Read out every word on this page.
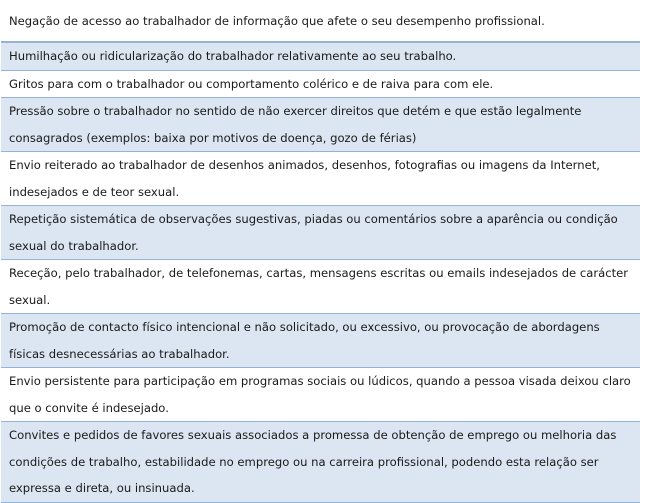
Negação de acesso ao trabalhador de informação que afete o seu desempenho profissional.
Humilhação ou ridicularização do trabalhador relativamente ao seu trabalho.
Gritos para com o trabalhador ou comportamento colérico e de raiva para com ele.
Pressão sobre o trabalhador no sentido de não exercer direitos que detém e que estão legalmente consagrados (exemplos: baixa por motivos de doença, gozo de férias)
Envio reiterado ao trabalhador de desenhos animados, desenhos, fotografias ou imagens da Internet, indesejados e de teor sexual.
Repetição sistemática de observações sugestivas, piadas ou comentários sobre a aparência ou condição sexual do trabalhador.
Receção, pelo trabalhador, de telefonemas, cartas, mensagens escritas ou emails indesejados de carácter sexual.
Promoção de contacto físico intencional e não solicitado, ou excessivo, ou provocação de abordagens físicas desnecessárias ao trabalhador.
Envio persistente para participação em programas sociais ou lúdicos, quando a pessoa visada deixou claro que o convite é indesejado.
Convites e pedidos de favores sexuais associados a promessa de obtenção de emprego ou melhoria das condições de trabalho, estabilidade no emprego ou na carreira profissional, podendo esta relação ser expressa e direta, ou insinuada.
